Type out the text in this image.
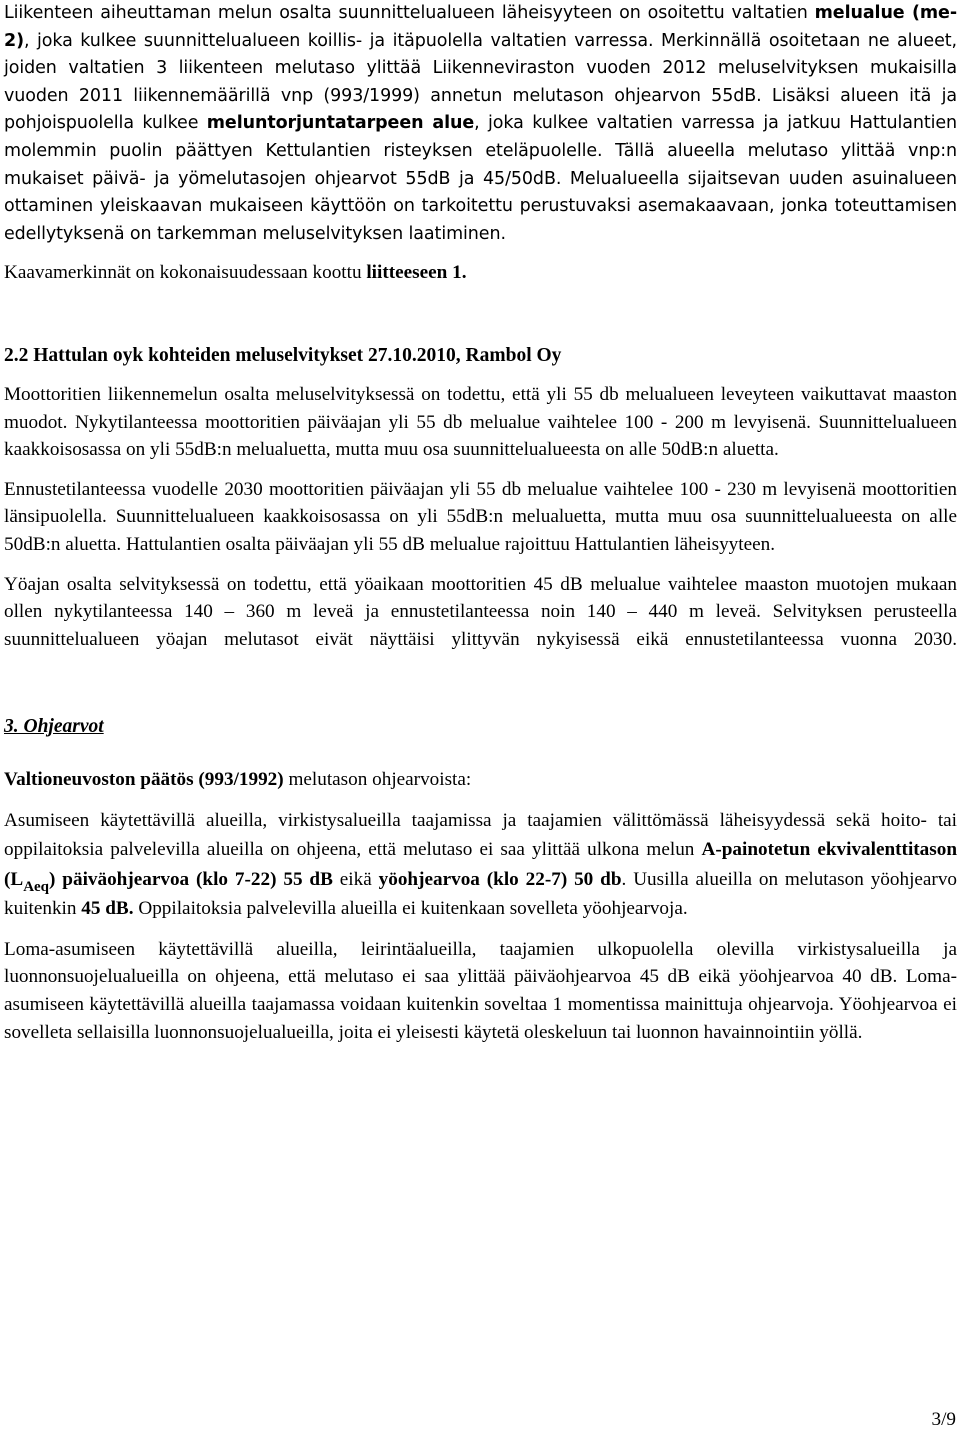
Liikenteen aiheuttaman melun osalta suunnittelualueen läheisyyteen on osoitettu valtatien melualue (me-2), joka kulkee suunnittelualueen koillis- ja itäpuolella valtatien varressa. Merkinnällä osoitetaan ne alueet, joiden valtatien 3 liikenteen melutaso ylittää Liikenneviraston vuoden 2012 meluselvityksen mukaisilla vuoden 2011 liikennemäärillä vnp (993/1999) annetun melutason ohjearvon 55dB. Lisäksi alueen itä ja pohjoispuolella kulkee meluntorjuntatarpeen alue, joka kulkee valtatien varressa ja jatkuu Hattulantien molemmin puolin päättyen Kettulantien risteyksen eteläpuolelle. Tällä alueella melutaso ylittää vnp:n mukaiset päivä- ja yömelutasojen ohjearvot 55dB ja 45/50dB. Melualueella sijaitsevan uuden asuinalueen ottaminen yleiskaavan mukaiseen käyttöön on tarkoitettu perustuvaksi asemakaavaan, jonka toteuttamisen edellytyksenä on tarkemman meluselvityksen laatiminen.

Kaavamerkinnät on kokonaisuudessaan koottu liitteeseen 1.

2.2 Hattulan oyk kohteiden meluselvitykset 27.10.2010, Rambol Oy

Moottoritien liikennemelun osalta meluselvityksessä on todettu, että yli 55 db melualueen leveyteen vaikuttavat maaston muodot. Nykytilanteessa moottoritien päiväajan yli 55 db melualue vaihtelee 100 - 200 m levyisenä. Suunnittelualueen kaakkoisosassa on yli 55dB:n melualuetta, mutta muu osa suunnittelualueesta on alle 50dB:n aluetta.

Ennustetilanteessa vuodelle 2030 moottoritien päiväajan yli 55 db melualue vaihtelee 100 - 230 m levyisenä moottoritien länsipuolella. Suunnittelualueen kaakkoisosassa on yli 55dB:n melualuetta, mutta muu osa suunnittelualueesta on alle 50dB:n aluetta. Hattulantien osalta päiväajan yli 55 dB melualue rajoittuu Hattulantien läheisyyteen.

Yöajan osalta selvityksessä on todettu, että yöaikaan moottoritien 45 dB melualue vaihtelee maaston muotojen mukaan ollen nykytilanteessa 140 – 360 m leveä ja ennustetilanteessa noin 140 – 440 m leveä. Selvityksen perusteella suunnittelualueen yöajan melutasot eivät näyttäisi ylittyvän nykyisessä eikä ennustetilanteessa vuonna 2030.

3. Ohjearvot

Valtioneuvoston päätös (993/1992) melutason ohjearvoista:

Asumiseen käytettävillä alueilla, virkistysalueilla taajamissa ja taajamien välittömässä läheisyydessä sekä hoito- tai oppilaitoksia palvelevilla alueilla on ohjeena, että melutaso ei saa ylittää ulkona melun A-painotetun ekvivalenttitason $(L_{Aeq})$ päiväohjearvoa (klo 7-22) 55 dB eikä yöohjearvoa (klo 22-7) 50 db. Uusilla alueilla on melutason yöohjearvo kuitenkin 45 dB. Oppilaitoksia palvelevilla alueilla ei kuitenkaan sovelleta yöohjearvoja.

Loma-asumiseen käytettävillä alueilla, leirintäalueilla, taajamien ulkopuolella olevilla virkistysalueilla ja luonnonsuojelualueilla on ohjeena, että melutaso ei saa ylittää päiväohjearvoa 45 dB eikä yöohjearvoa 40 dB. Loma-asumiseen käytettävillä alueilla taajamassa voidaan kuitenkin soveltaa 1 momentissa mainittuja ohjearvoja. Yöohjearvoa ei sovelleta sellaisilla luonnonsuojelualueilla, joita ei yleisesti käytetä oleskeluun tai luonnon havainnointiin yöllä.

3/9
